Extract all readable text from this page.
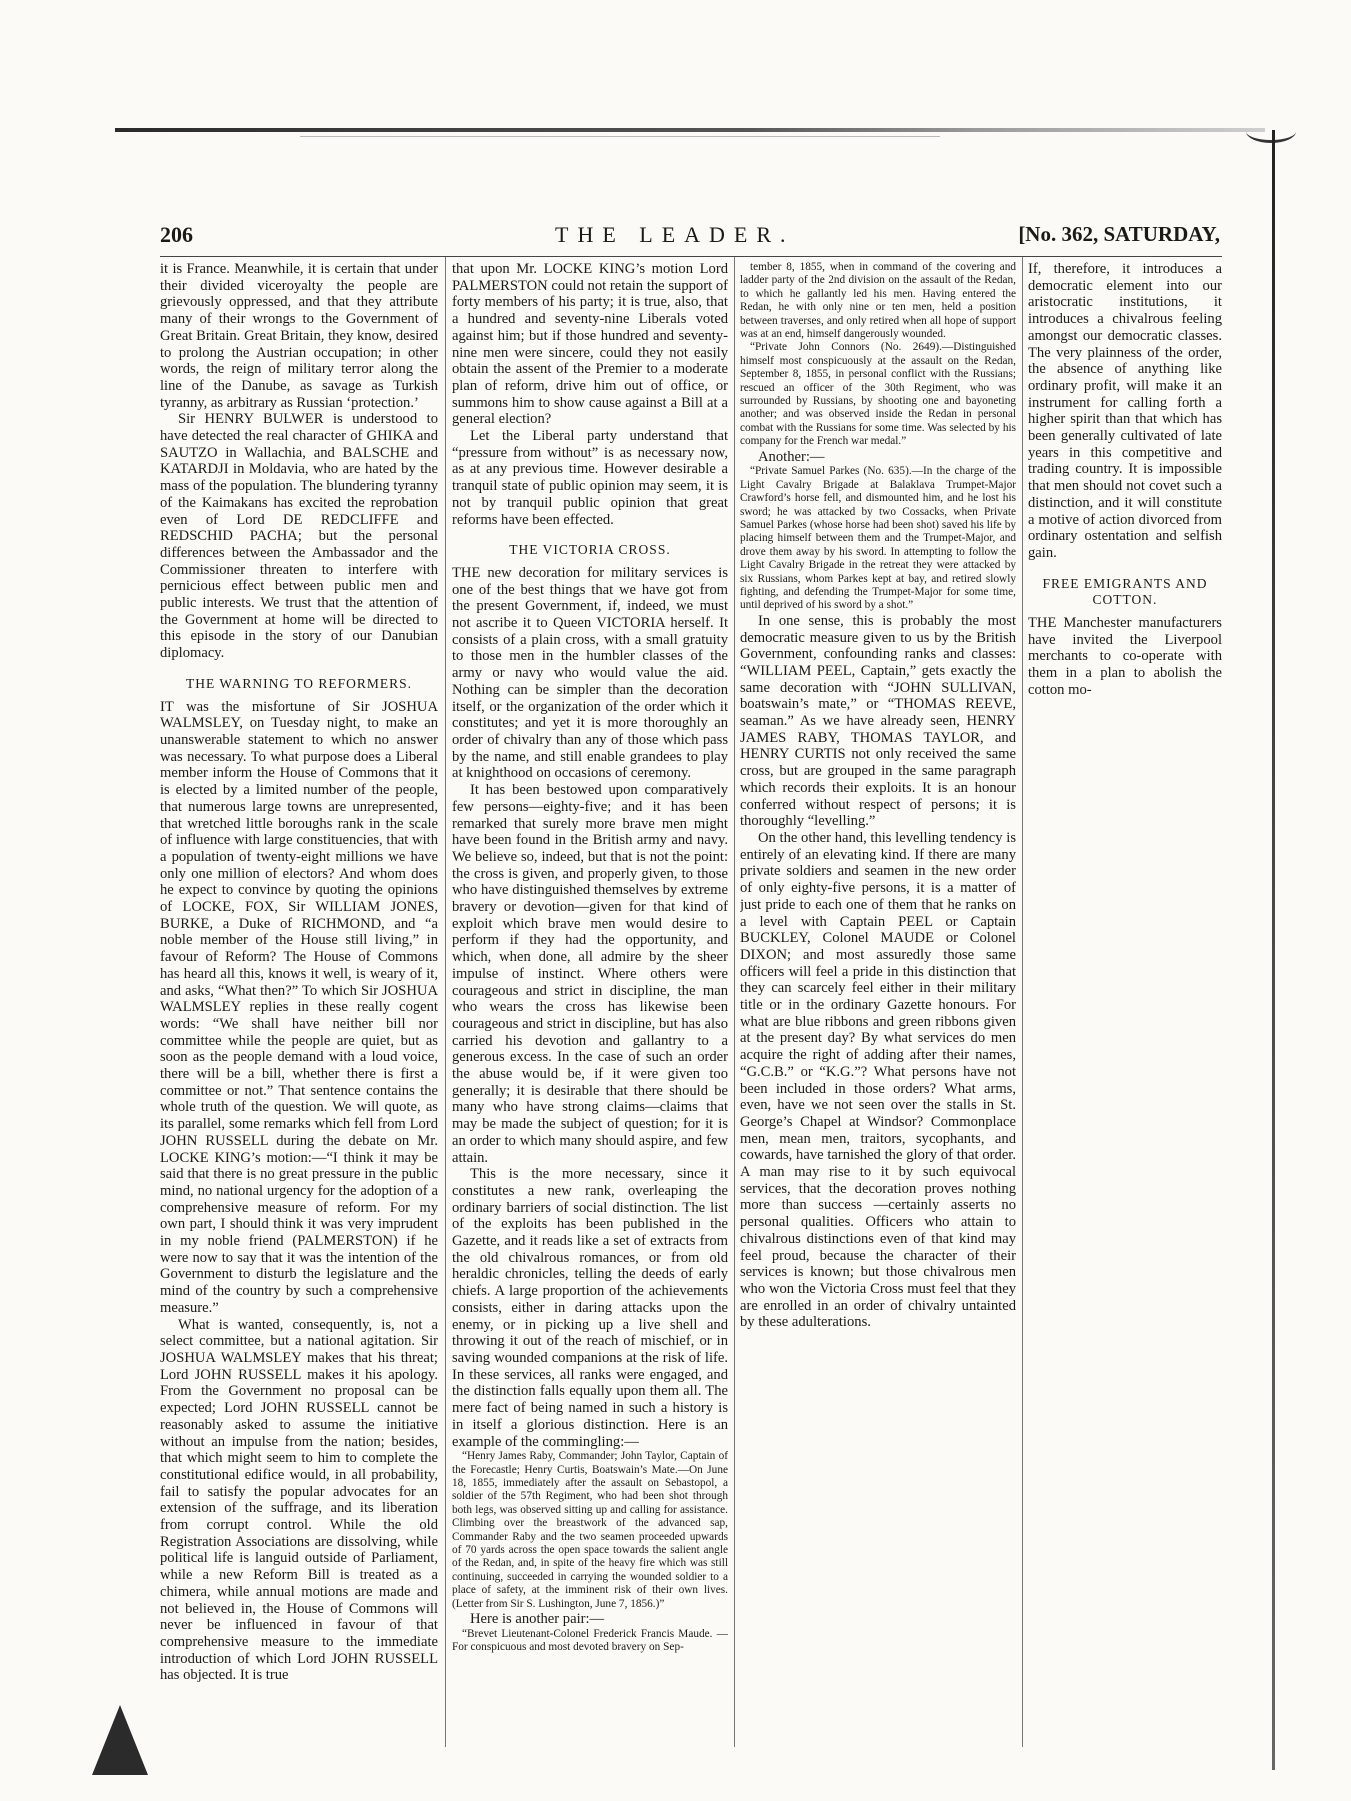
206	THE LEADER.	[No. 362, SATURDAY,

it is France. Meanwhile, it is certain that under their divided viceroyalty the people are grievously oppressed, and that they attribute many of their wrongs to the Government of Great Britain. Great Britain, they know, desired to prolong the Austrian occupation; in other words, the reign of military terror along the line of the Danube, as savage as Turkish tyranny, as arbitrary as Russian ‘protection.’

Sir HENRY BULWER is understood to have detected the real character of GHIKA and SAUTZO in Wallachia, and BALSCHE and KATARDJI in Moldavia, who are hated by the mass of the population. The blundering tyranny of the Kaimakans has excited the reprobation even of Lord DE REDCLIFFE and REDSCHID PACHA; but the personal differences between the Ambassador and the Commissioner threaten to interfere with pernicious effect between public men and public interests. We trust that the attention of the Government at home will be directed to this episode in the story of our Danubian diplomacy.

THE WARNING TO REFORMERS.

IT was the misfortune of Sir JOSHUA WALMSLEY, on Tuesday night, to make an unanswerable statement to which no answer was necessary. To what purpose does a Liberal member inform the House of Commons that it is elected by a limited number of the people, that numerous large towns are unrepresented, that wretched little boroughs rank in the scale of influence with large constituencies, that with a population of twenty-eight millions we have only one million of electors? And whom does he expect to convince by quoting the opinions of LOCKE, FOX, Sir WILLIAM JONES, BURKE, a Duke of RICHMOND, and “a noble member of the House still living,” in favour of Reform? The House of Commons has heard all this, knows it well, is weary of it, and asks, “What then?” To which Sir JOSHUA WALMSLEY replies in these really cogent words: “We shall have neither bill nor committee while the people are quiet, but as soon as the people demand with a loud voice, there will be a bill, whether there is first a committee or not.” That sentence contains the whole truth of the question. We will quote, as its parallel, some remarks which fell from Lord JOHN RUSSELL during the debate on Mr. LOCKE KING’s motion:—“I think it may be said that there is no great pressure in the public mind, no national urgency for the adoption of a comprehensive measure of reform. For my own part, I should think it was very imprudent in my noble friend (PALMERSTON) if he were now to say that it was the intention of the Government to disturb the legislature and the mind of the country by such a comprehensive measure.”

What is wanted, consequently, is, not a select committee, but a national agitation. Sir JOSHUA WALMSLEY makes that his threat; Lord JOHN RUSSELL makes it his apology. From the Government no proposal can be expected; Lord JOHN RUSSELL cannot be reasonably asked to assume the initiative without an impulse from the nation; besides, that which might seem to him to complete the constitutional edifice would, in all probability, fail to satisfy the popular advocates for an extension of the suffrage, and its liberation from corrupt control. While the old Registration Associations are dissolving, while political life is languid outside of Parliament, while a new Reform Bill is treated as a chimera, while annual motions are made and not believed in, the House of Commons will never be influenced in favour of that comprehensive measure to the immediate introduction of which Lord JOHN RUSSELL has objected. It is true

that upon Mr. LOCKE KING’s motion Lord PALMERSTON could not retain the support of forty members of his party; it is true, also, that a hundred and seventy-nine Liberals voted against him; but if those hundred and seventy-nine men were sincere, could they not easily obtain the assent of the Premier to a moderate plan of reform, drive him out of office, or summons him to show cause against a Bill at a general election?

Let the Liberal party understand that “pressure from without” is as necessary now, as at any previous time. However desirable a tranquil state of public opinion may seem, it is not by tranquil public opinion that great reforms have been effected.

THE VICTORIA CROSS.

THE new decoration for military services is one of the best things that we have got from the present Government, if, indeed, we must not ascribe it to Queen VICTORIA herself. It consists of a plain cross, with a small gratuity to those men in the humbler classes of the army or navy who would value the aid. Nothing can be simpler than the decoration itself, or the organization of the order which it constitutes; and yet it is more thoroughly an order of chivalry than any of those which pass by the name, and still enable grandees to play at knighthood on occasions of ceremony.

It has been bestowed upon comparatively few persons—eighty-five; and it has been remarked that surely more brave men might have been found in the British army and navy. We believe so, indeed, but that is not the point: the cross is given, and properly given, to those who have distinguished themselves by extreme bravery or devotion—given for that kind of exploit which brave men would desire to perform if they had the opportunity, and which, when done, all admire by the sheer impulse of instinct. Where others were courageous and strict in discipline, the man who wears the cross has likewise been courageous and strict in discipline, but has also carried his devotion and gallantry to a generous excess. In the case of such an order the abuse would be, if it were given too generally; it is desirable that there should be many who have strong claims—claims that may be made the subject of question; for it is an order to which many should aspire, and few attain.

This is the more necessary, since it constitutes a new rank, overleaping the ordinary barriers of social distinction. The list of the exploits has been published in the Gazette, and it reads like a set of extracts from the old chivalrous romances, or from old heraldic chronicles, telling the deeds of early chiefs. A large proportion of the achievements consists, either in daring attacks upon the enemy, or in picking up a live shell and throwing it out of the reach of mischief, or in saving wounded companions at the risk of life. In these services, all ranks were engaged, and the distinction falls equally upon them all. The mere fact of being named in such a history is in itself a glorious distinction. Here is an example of the commingling:—

“Henry James Raby, Commander; John Taylor, Captain of the Forecastle; Henry Curtis, Boatswain’s Mate.—On June 18, 1855, immediately after the assault on Sebastopol, a soldier of the 57th Regiment, who had been shot through both legs, was observed sitting up and calling for assistance. Climbing over the breastwork of the advanced sap, Commander Raby and the two seamen proceeded upwards of 70 yards across the open space towards the salient angle of the Redan, and, in spite of the heavy fire which was still continuing, succeeded in carrying the wounded soldier to a place of safety, at the imminent risk of their own lives. (Letter from Sir S. Lushington, June 7, 1856.)”

Here is another pair:—

“Brevet Lieutenant-Colonel Frederick Francis Maude. —For conspicuous and most devoted bravery on Sep-

tember 8, 1855, when in command of the covering and ladder party of the 2nd division on the assault of the Redan, to which he gallantly led his men. Having entered the Redan, he with only nine or ten men, held a position between traverses, and only retired when all hope of support was at an end, himself dangerously wounded.

“Private John Connors (No. 2649).—Distinguished himself most conspicuously at the assault on the Redan, September 8, 1855, in personal conflict with the Russians; rescued an officer of the 30th Regiment, who was surrounded by Russians, by shooting one and bayoneting another; and was observed inside the Redan in personal combat with the Russians for some time. Was selected by his company for the French war medal.”

Another:—

“Private Samuel Parkes (No. 635).—In the charge of the Light Cavalry Brigade at Balaklava Trumpet-Major Crawford’s horse fell, and dismounted him, and he lost his sword; he was attacked by two Cossacks, when Private Samuel Parkes (whose horse had been shot) saved his life by placing himself between them and the Trumpet-Major, and drove them away by his sword. In attempting to follow the Light Cavalry Brigade in the retreat they were attacked by six Russians, whom Parkes kept at bay, and retired slowly fighting, and defending the Trumpet-Major for some time, until deprived of his sword by a shot.”

In one sense, this is probably the most democratic measure given to us by the British Government, confounding ranks and classes: “WILLIAM PEEL, Captain,” gets exactly the same decoration with “JOHN SULLIVAN, boatswain’s mate,” or “THOMAS REEVE, seaman.” As we have already seen, HENRY JAMES RABY, THOMAS TAYLOR, and HENRY CURTIS not only received the same cross, but are grouped in the same paragraph which records their exploits. It is an honour conferred without respect of persons; it is thoroughly “levelling.”

On the other hand, this levelling tendency is entirely of an elevating kind. If there are many private soldiers and seamen in the new order of only eighty-five persons, it is a matter of just pride to each one of them that he ranks on a level with Captain PEEL or Captain BUCKLEY, Colonel MAUDE or Colonel DIXON; and most assuredly those same officers will feel a pride in this distinction that they can scarcely feel either in their military title or in the ordinary Gazette honours. For what are blue ribbons and green ribbons given at the present day? By what services do men acquire the right of adding after their names, “G.C.B.” or “K.G.”? What persons have not been included in those orders? What arms, even, have we not seen over the stalls in St. George’s Chapel at Windsor? Commonplace men, mean men, traitors, sycophants, and cowards, have tarnished the glory of that order. A man may rise to it by such equivocal services, that the decoration proves nothing more than success —certainly asserts no personal qualities. Officers who attain to chivalrous distinctions even of that kind may feel proud, because the character of their services is known; but those chivalrous men who won the Victoria Cross must feel that they are enrolled in an order of chivalry untainted by these adulterations.

If, therefore, it introduces a democratic element into our aristocratic institutions, it introduces a chivalrous feeling amongst our democratic classes. The very plainness of the order, the absence of anything like ordinary profit, will make it an instrument for calling forth a higher spirit than that which has been generally cultivated of late years in this competitive and trading country. It is impossible that men should not covet such a distinction, and it will constitute a motive of action divorced from ordinary ostentation and selfish gain.

FREE EMIGRANTS AND COTTON.

THE Manchester manufacturers have invited the Liverpool merchants to co-operate with them in a plan to abolish the cotton mo-
